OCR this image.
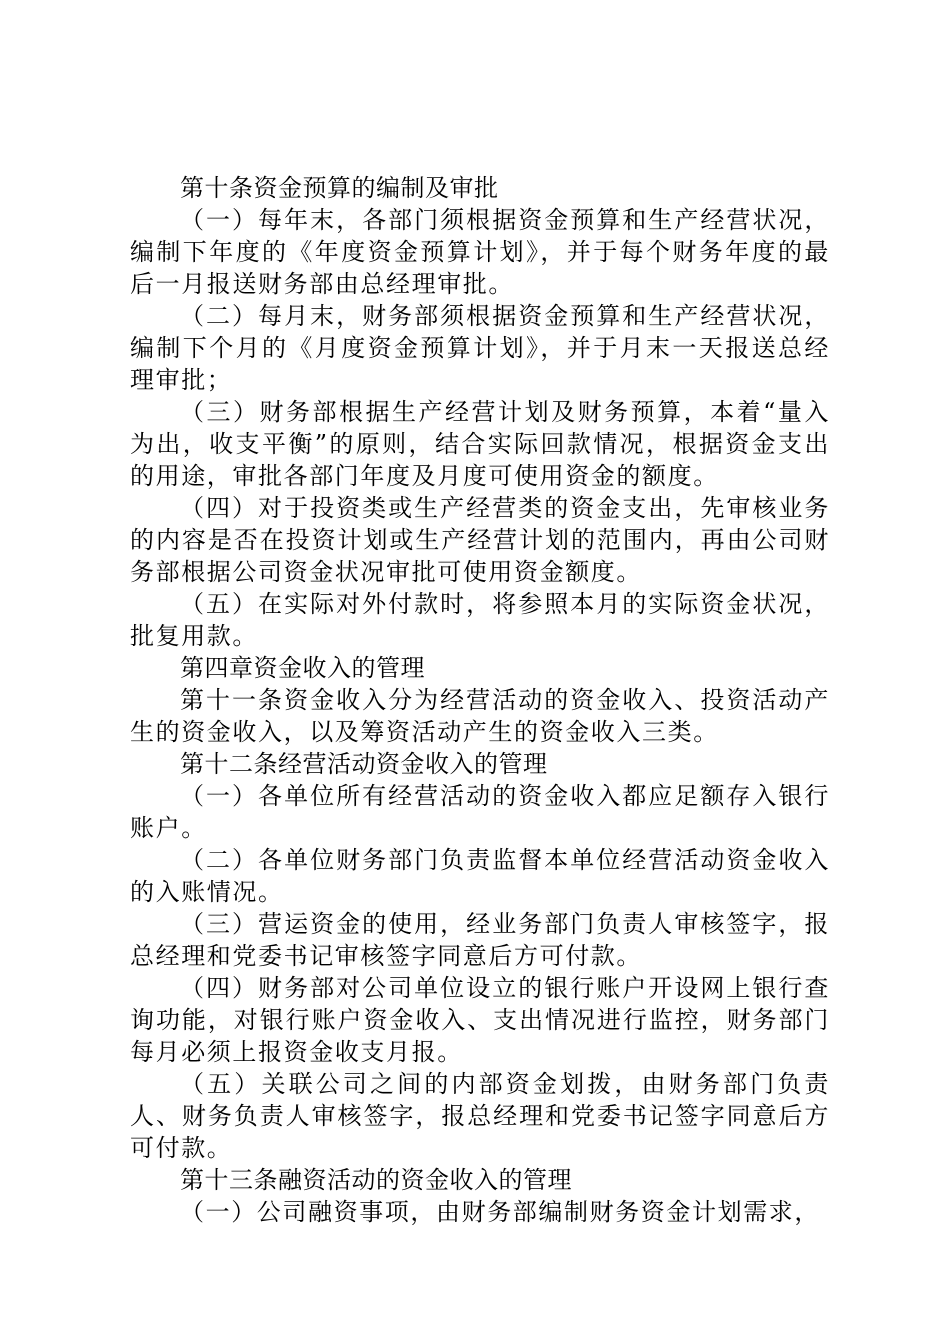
第十条资金预算的编制及审批

（一）每年末，各部门须根据资金预算和生产经营状况，编制下年度的《年度资金预算计划》，并于每个财务年度的最后一月报送财务部由总经理审批。

（二）每月末，财务部须根据资金预算和生产经营状况，编制下个月的《月度资金预算计划》，并于月末一天报送总经理审批；

（三）财务部根据生产经营计划及财务预算，本着“量入为出，收支平衡”的原则，结合实际回款情况，根据资金支出的用途，审批各部门年度及月度可使用资金的额度。

（四）对于投资类或生产经营类的资金支出，先审核业务的内容是否在投资计划或生产经营计划的范围内，再由公司财务部根据公司资金状况审批可使用资金额度。

（五）在实际对外付款时，将参照本月的实际资金状况，批复用款。

第四章资金收入的管理

第十一条资金收入分为经营活动的资金收入、投资活动产生的资金收入，以及筹资活动产生的资金收入三类。

第十二条经营活动资金收入的管理

（一）各单位所有经营活动的资金收入都应足额存入银行账户。

（二）各单位财务部门负责监督本单位经营活动资金收入的入账情况。

（三）营运资金的使用，经业务部门负责人审核签字，报总经理和党委书记审核签字同意后方可付款。

（四）财务部对公司单位设立的银行账户开设网上银行查询功能，对银行账户资金收入、支出情况进行监控，财务部门每月必须上报资金收支月报。

（五）关联公司之间的内部资金划拨，由财务部门负责人、财务负责人审核签字，报总经理和党委书记签字同意后方可付款。

第十三条融资活动的资金收入的管理

（一）公司融资事项，由财务部编制财务资金计划需求，
